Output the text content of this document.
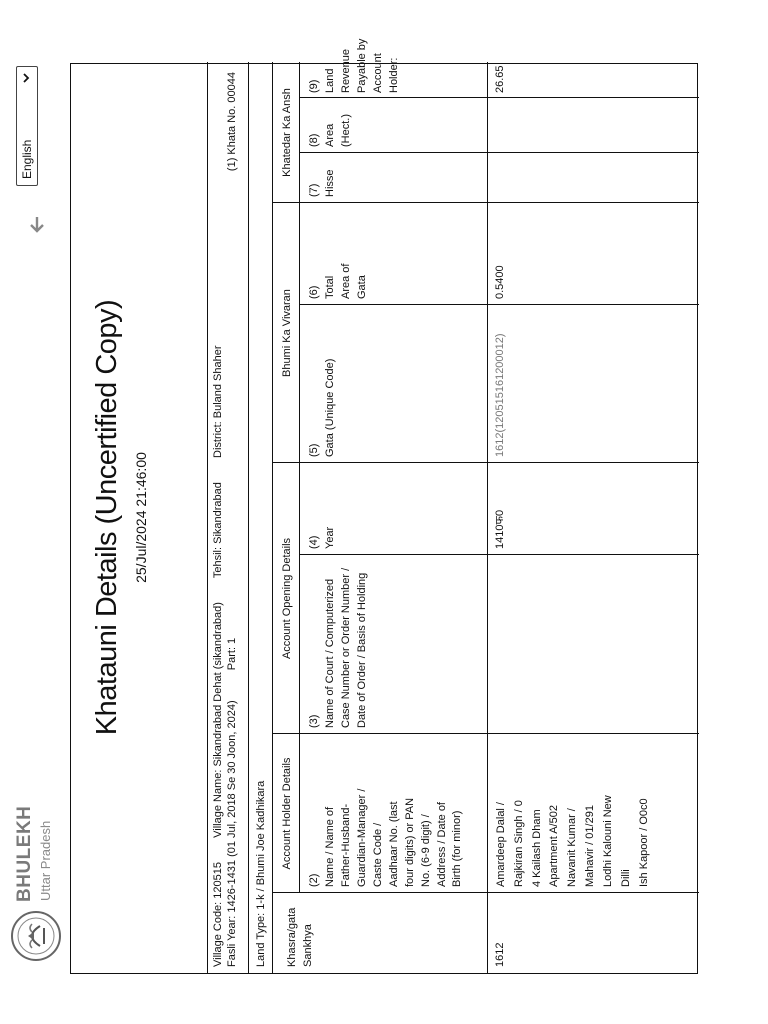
BHULEKH Uttar Pradesh
English
Khatauni Details (Uncertified Copy) 25/Jul/2024 21:46:00
Village Code: 120515  Village Name: Sikandrabad Dehat (sikandrabad)  Tehsil: Sikandrabad  District: Buland Shaher
Fasli Year: 1426-1431 (01 Jul, 2018 Se 30 Joon, 2024)  Part: 1
(1) Khata No. 00044
Land Type: 1-k / Bhumi Joe Kadhikara Account Holder Details
Account Opening Details
Bhumi Ka Vivaran
Khatedar Ka Ansh
Khasra/gata Sankhya
(2) Name / Name of Father-Husband- Guardian-Manager / Caste Code / Aadhaar No. (last four digits) or PAN No. (6-9 digit) / Address / Date of Birth (for minor)
(3) Name of Court / Computerized Case Number or Order Number / Date of Order / Basis of Holding
(4) Year
(5) Gata (Unique Code)
(6) Total Area of Gata
(7) Hisse
(8) Area (Hect.)
(9) Land Revenue Payable by Account Holder:
1612
Amardeep Dalal / Rajkiran Singh / 0 4 Kailash Dham Apartment A/502 Navanit Kumar / Mahavir / 01/291 Lodhi Kalouni New Dilli Ish Kapoor / O0c0
1410फ0
1612(120515161200012)
0.5400
26.65
